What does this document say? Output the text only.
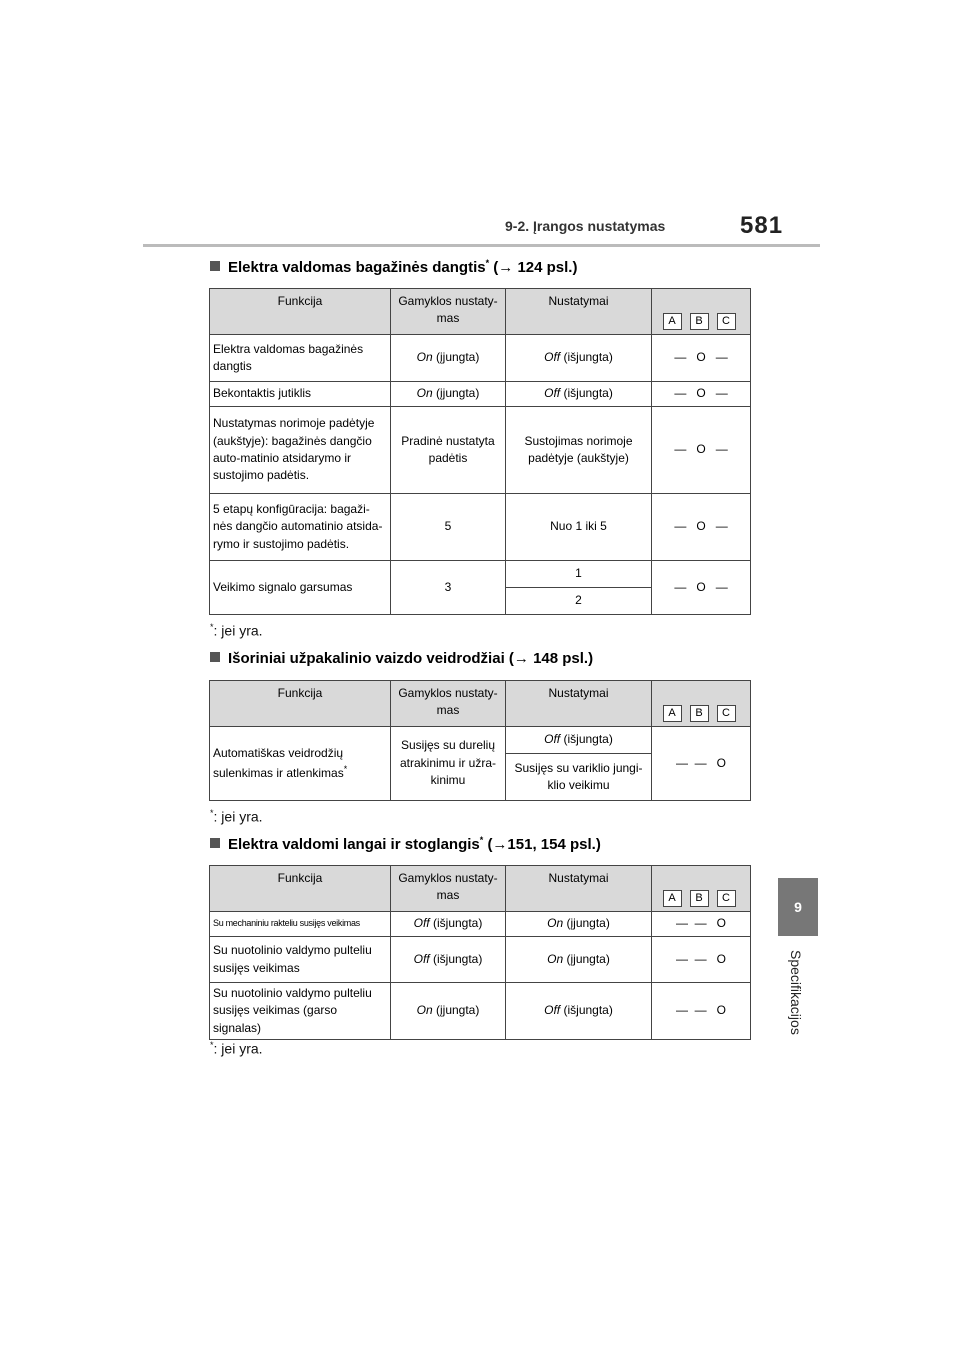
9-2. Įrangos nustatymas	581
9
Specifikacijos
Elektra valdomas bagažinės dangtis* (→ 124 psl.)
Funkcija	Gamyklos nustaty-mas	Nustatymai	A B C
Elektra valdomas bagažinės dangtis	On (įjungta)	Off (išjungta)	— O —
Bekontaktis jutiklis	On (įjungta)	Off (išjungta)	— O —
Nustatymas norimoje padėtyje (aukštyje): bagažinės dangčio auto-matinio atsidarymo ir sustojimo padėtis.	Pradinė nustatyta padėtis	Sustojimas norimoje padėtyje (aukštyje)	— O —
5 etapų konfigūracija: bagaži-nės dangčio automatinio atsida-rymo ir sustojimo padėtis.	5	Nuo 1 iki 5	— O —
Veikimo signalo garsumas	3	1	— O —
		2	
*: jei yra.
Išoriniai užpakalinio vaizdo veidrodžiai (→ 148 psl.)
Funkcija	Gamyklos nustaty-mas	Nustatymai	A B C
Automatiškas veidrodžių sulenkimas ir atlenkimas*	Susijęs su durelių atrakinimu ir užra-kinimu	Off (išjungta)	— — O
		Susijęs su variklio jungi-klio veikimu	
*: jei yra.
Elektra valdomi langai ir stoglangis* (→151, 154 psl.)
Funkcija	Gamyklos nustaty-mas	Nustatymai	A B C
Su mechaniniu rakteliu susijęs veikimas	Off (išjungta)	On (įjungta)	— — O
Su nuotolinio valdymo pulteliu susijęs veikimas	Off (išjungta)	On (įjungta)	— — O
Su nuotolinio valdymo pulteliu susijęs veikimas (garso signalas)	On (įjungta)	Off (išjungta)	— — O
*: jei yra.
